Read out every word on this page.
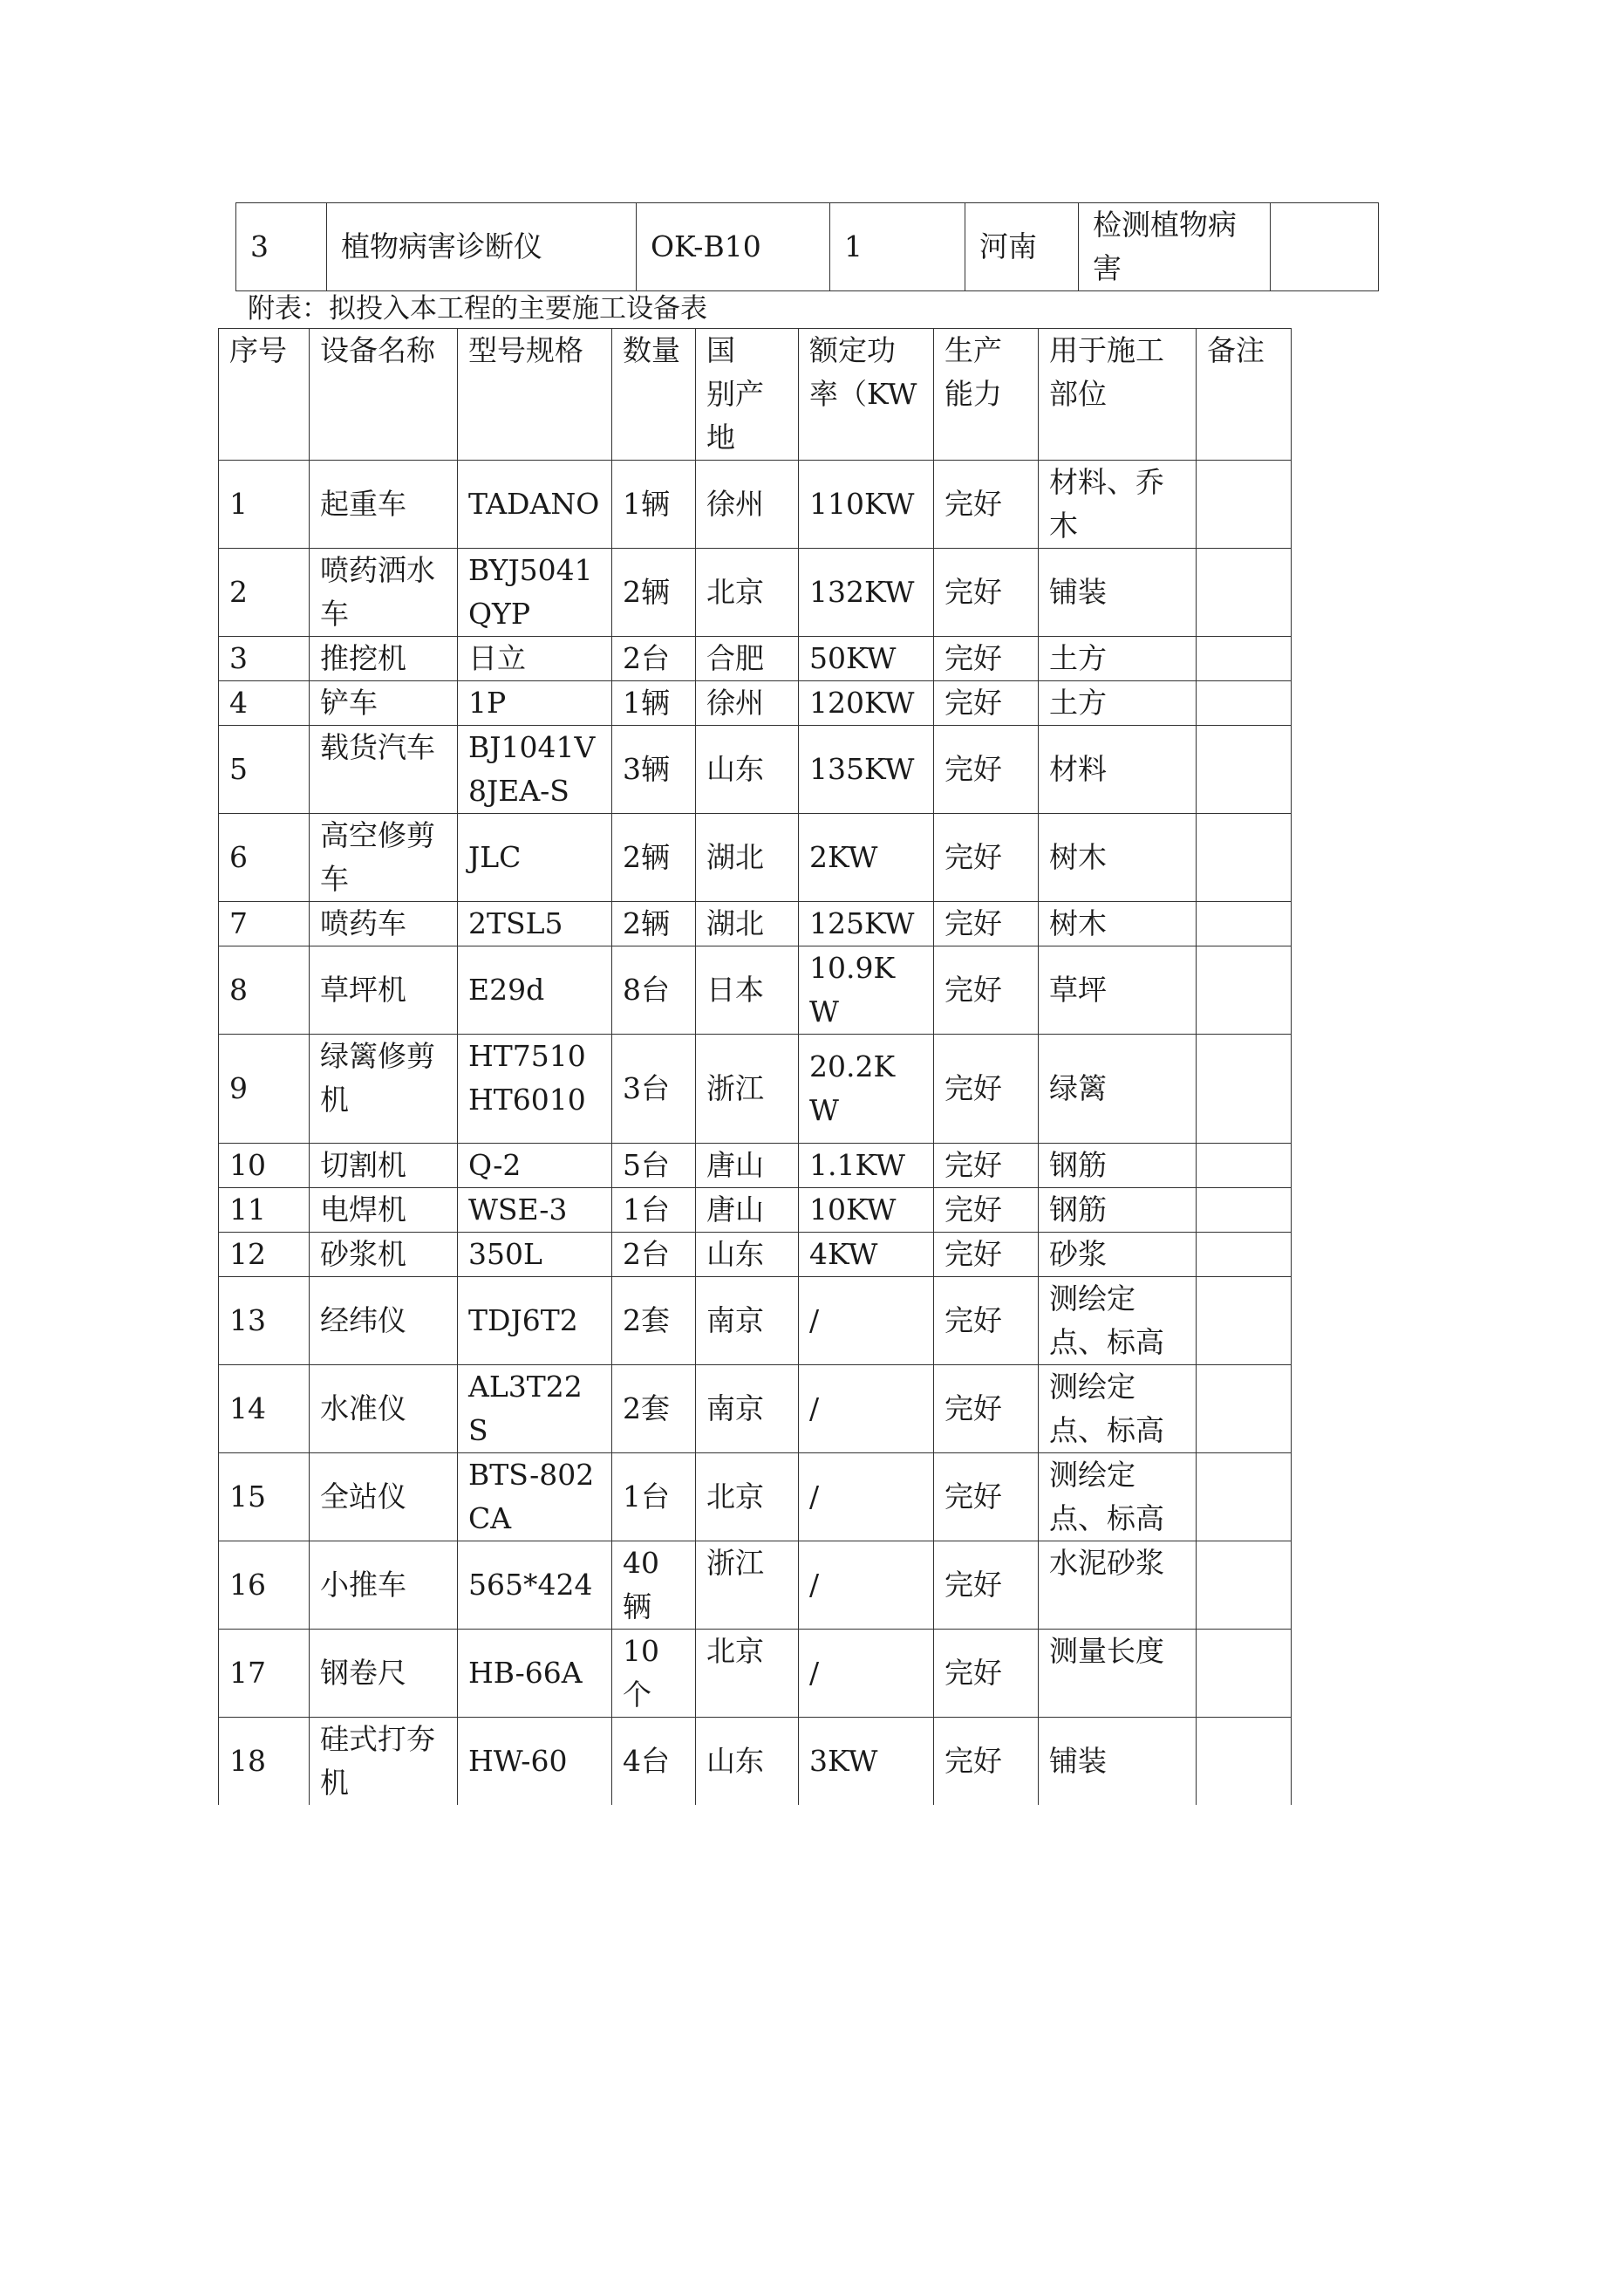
3	植物病害诊断仪	OK-B10	1	河南	检测植物病害	
附表：拟投入本工程的主要施工设备表
序号	设备名称	型号规格	数量	国　别产地	额定功率（KW	生产能力	用于施工部位	备注
1	起重车	TADANO	1辆	徐州	110KW	完好	材料、乔木	
2	喷药洒水车	BYJ5041QYP	2辆	北京	132KW	完好	铺装	
3	推挖机	日立	2台	合肥	50KW	完好	土方	
4	铲车	1P	1辆	徐州	120KW	完好	土方	
5	载货汽车	BJ1041V8JEA-S	3辆	山东	135KW	完好	材料	
6	高空修剪车	JLC	2辆	湖北	2KW	完好	树木	
7	喷药车	2TSL5	2辆	湖北	125KW	完好	树木	
8	草坪机	E29d	8台	日本	10.9KW	完好	草坪	
9	绿篱修剪机	HT7510HT6010	3台	浙江	20.2KW	完好	绿篱	
10	切割机	Q-2	5台	唐山	1.1KW	完好	钢筋	
11	电焊机	WSE-3	1台	唐山	10KW	完好	钢筋	
12	砂浆机	350L	2台	山东	4KW	完好	砂浆	
13	经纬仪	TDJ6T2	2套	南京	/	完好	测绘定点、标高	
14	水准仪	AL3T22S	2套	南京	/	完好	测绘定点、标高	
15	全站仪	BTS-802CA	1台	北京	/	完好	测绘定点、标高	
16	小推车	565*424	40辆	浙江	/	完好	水泥砂浆	
17	钢卷尺	HB-66A	10个	北京	/	完好	测量长度	
18	硅式打夯机	HW-60	4台	山东	3KW	完好	铺装	
